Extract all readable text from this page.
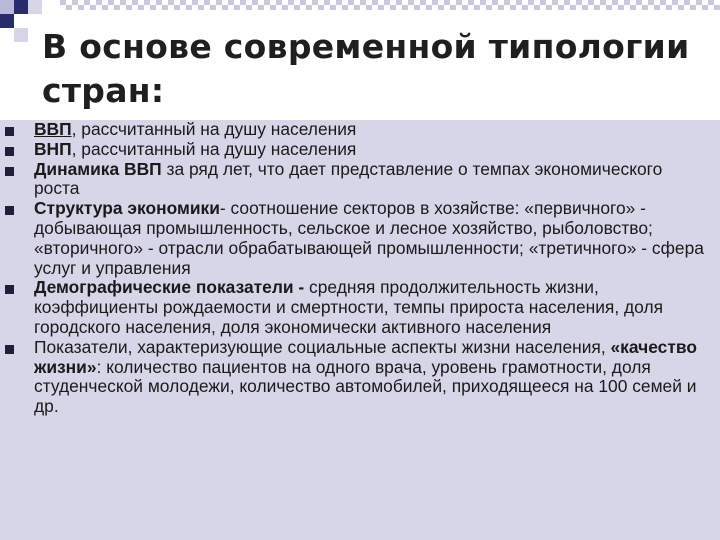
В основе современной типологии стран:
ВВП, рассчитанный на душу населения
ВНП, рассчитанный на душу населения
Динамика ВВП за ряд лет, что дает представление о темпах экономического роста
Структура экономики- соотношение секторов в хозяйстве: «первичного» - добывающая промышленность, сельское и лесное хозяйство, рыболовство; «вторичного» - отрасли обрабатывающей промышленности; «третичного» - сфера услуг и управления
Демографические показатели - средняя продолжительность жизни, коэффициенты рождаемости и смертности, темпы прироста населения, доля городского населения, доля экономически активного населения
Показатели, характеризующие социальные аспекты жизни населения, «качество жизни»: количество пациентов на одного врача, уровень грамотности, доля студенческой молодежи, количество автомобилей, приходящееся на 100 семей и др.
